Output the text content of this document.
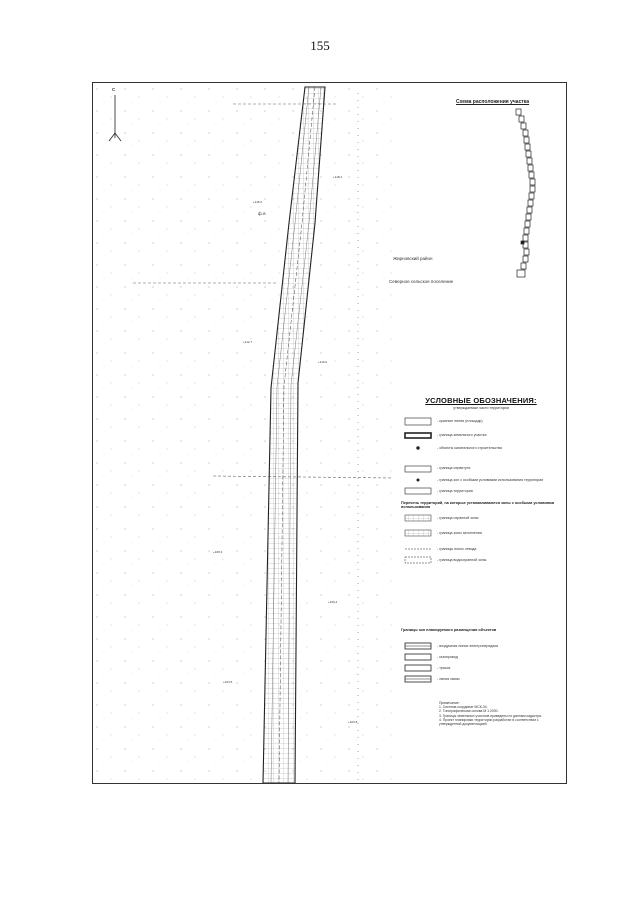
155
+115.2
+118.4
+112.7
+110.9
+108.3
+106.1
+104.5
+103.8
Схема расположения участка
Жирновский район
Северное сельское поселение
ф.я.
С
УСЛОВНЫЕ ОБОЗНАЧЕНИЯ:
утверждаемые части территории
- красные линии (площадь)
- граница земельного участка
- объекты капитального строительства
- граница сервитута
- граница зон с особыми условиями использования территории
- граница территории
Перечень территорий, на которые устанавливаются зоны с особыми условиями использования
- граница охранной зоны
- граница зоны затопления
- границы полос отвода
- граница водоохранной зоны
Границы зон планируемого размещения объектов
- воздушная линия электропередачи
- газопровод
- трасса
- линия связи
Примечание:
1. Система координат МСК-34.
2. Топографическая основа М 1:2000.
3. Границы земельных участков приведены по данным кадастра.
4. Проект планировки территории разработан в соответствии с утвержденной документацией.
